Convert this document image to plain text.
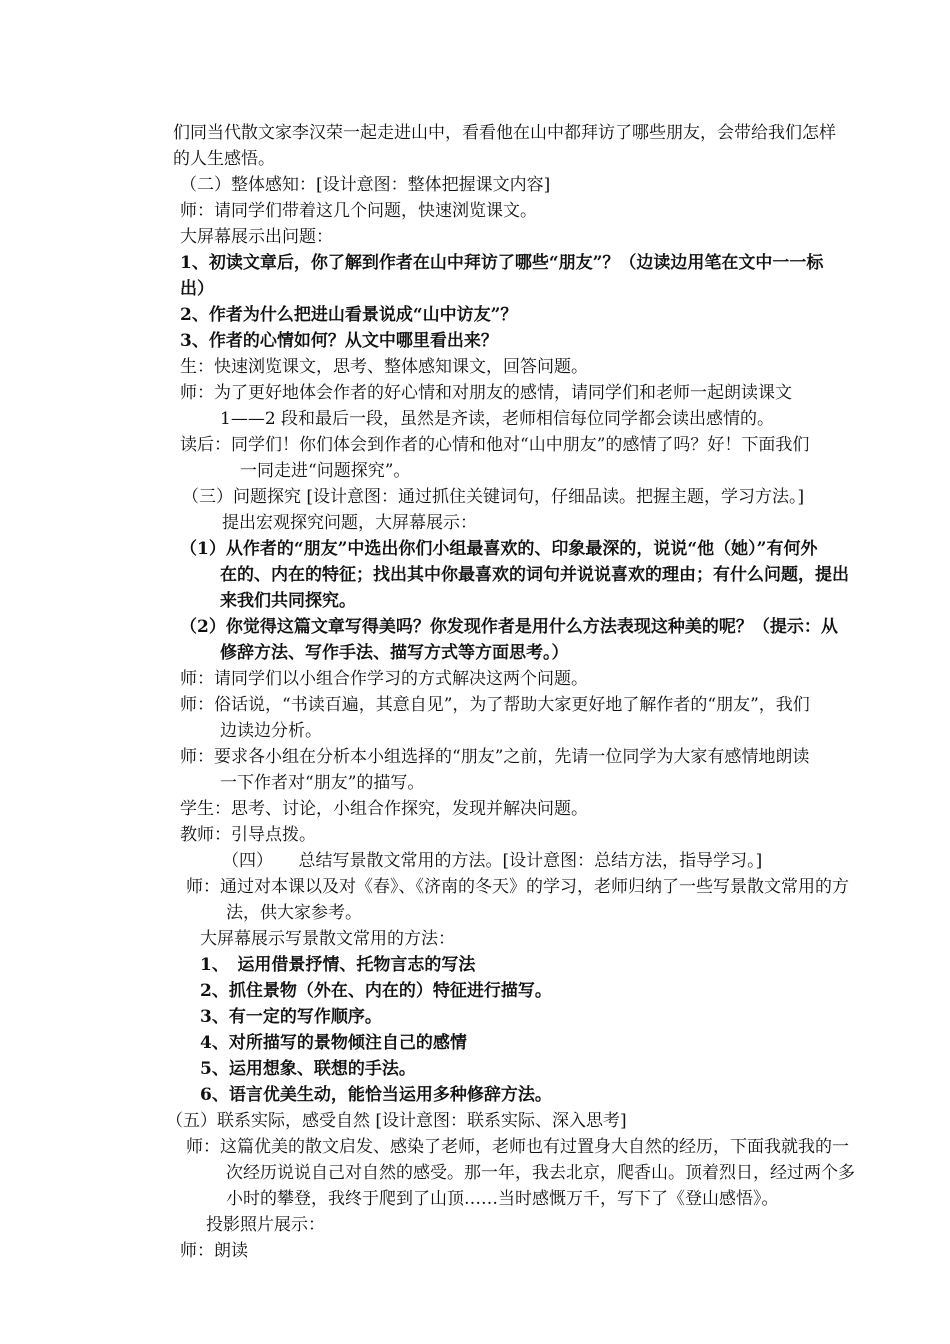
们同当代散文家李汉荣一起走进山中，看看他在山中都拜访了哪些朋友，会带给我们怎样
的人生感悟。
（二）整体感知：[设计意图：整体把握课文内容]
师：请同学们带着这几个问题，快速浏览课文。
大屏幕展示出问题：
1、初读文章后，你了解到作者在山中拜访了哪些“朋友”？（边读边用笔在文中一一标
出）
2、作者为什么把进山看景说成“山中访友”？
3、作者的心情如何？从文中哪里看出来？
生：快速浏览课文，思考、整体感知课文，回答问题。
师：为了更好地体会作者的好心情和对朋友的感情，请同学们和老师一起朗读课文
1——2 段和最后一段，虽然是齐读，老师相信每位同学都会读出感情的。
读后：同学们！你们体会到作者的心情和他对“山中朋友”的感情了吗？好！下面我们
一同走进“问题探究”。
（三）问题探究 [设计意图：通过抓住关键词句，仔细品读。把握主题，学习方法。]
提出宏观探究问题，大屏幕展示：
（1）从作者的“朋友”中选出你们小组最喜欢的、印象最深的，说说“他（她）”有何外
在的、内在的特征；找出其中你最喜欢的词句并说说喜欢的理由；有什么问题，提出
来我们共同探究。
（2）你觉得这篇文章写得美吗？你发现作者是用什么方法表现这种美的呢？（提示：从
修辞方法、写作手法、描写方式等方面思考。）
师：请同学们以小组合作学习的方式解决这两个问题。
师：俗话说，“书读百遍，其意自见”，为了帮助大家更好地了解作者的“朋友”，我们
边读边分析。
师：要求各小组在分析本小组选择的“朋友”之前，先请一位同学为大家有感情地朗读
一下作者对“朋友”的描写。
学生：思考、讨论，小组合作探究，发现并解决问题。
教师：引导点拨。
（四）　　总结写景散文常用的方法。[设计意图：总结方法，指导学习。]
师：通过对本课以及对《春》、《济南的冬天》的学习，老师归纳了一些写景散文常用的方
法，供大家参考。
大屏幕展示写景散文常用的方法：
1、　运用借景抒情、托物言志的写法
2、抓住景物（外在、内在的）特征进行描写。
3、有一定的写作顺序。
4、对所描写的景物倾注自己的感情
5、运用想象、联想的手法。
6、语言优美生动，能恰当运用多种修辞方法。
（五）联系实际，感受自然 [设计意图：联系实际、深入思考]
师：这篇优美的散文启发、感染了老师，老师也有过置身大自然的经历，下面我就我的一
次经历说说自己对自然的感受。那一年，我去北京，爬香山。顶着烈日，经过两个多
小时的攀登，我终于爬到了山顶……当时感慨万千，写下了《登山感悟》。
投影照片展示：
师：朗读
